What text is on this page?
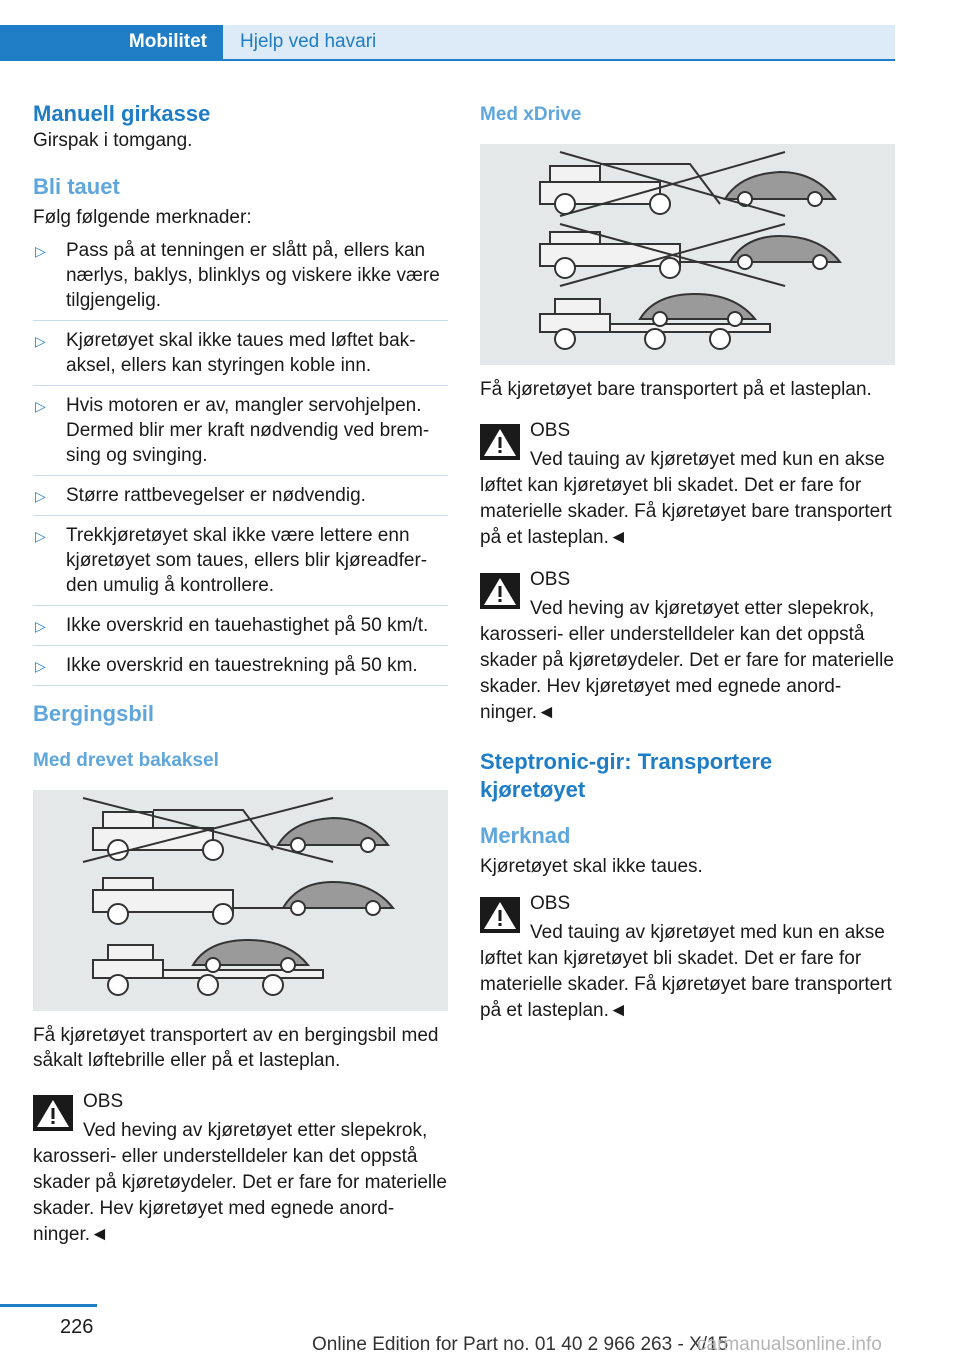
Mobilitet	Hjelp ved havari
Manuell girkasse

Girspak i tomgang.

Bli tauet

Følg følgende merknader:

▷ Pass på at tenningen er slått på, ellers kan nærlys, baklys, blinklys og viskere ikke være tilgjengelig.
▷ Kjøretøyet skal ikke taues med løftet bakaksel, ellers kan styringen koble inn.
▷ Hvis motoren er av, mangler servohjelpen. Dermed blir mer kraft nødvendig ved bremsing og svinging.
▷ Større rattbevegelser er nødvendig.
▷ Trekkjøretøyet skal ikke være lettere enn kjøretøyet som taues, ellers blir kjøreadferden umulig å kontrollere.
▷ Ikke overskrid en tauehastighet på 50 km/t.
▷ Ikke overskrid en tauestrekning på 50 km.
Bergingsbil
Med drevet bakaksel

Få kjøretøyet transportert av en bergingsbil med såkalt løftebrille eller på et lasteplan.

OBS
Ved heving av kjøretøyet etter slepekrok, karosseri- eller understelldeler kan det oppstå skader på kjøretøydeler. Det er fare for materielle skader. Hev kjøretøyet med egnede anordninger.◄
Med xDrive

Få kjøretøyet bare transportert på et lasteplan.

OBS
Ved tauing av kjøretøyet med kun en akse løftet kan kjøretøyet bli skadet. Det er fare for materielle skader. Få kjøretøyet bare transportert på et lasteplan.◄
OBS
Ved heving av kjøretøyet etter slepekrok, karosseri- eller understelldeler kan det oppstå skader på kjøretøydeler. Det er fare for materielle skader. Hev kjøretøyet med egnede anordninger.◄
Steptronic-gir: Transportere kjøretøyet
Merknad

Kjøretøyet skal ikke taues.

OBS
Ved tauing av kjøretøyet med kun en akse løftet kan kjøretøyet bli skadet. Det er fare for materielle skader. Få kjøretøyet bare transportert på et lasteplan.◄
226
Online Edition for Part no. 01 40 2 966 263 - X/15
carmanualsonline.info
